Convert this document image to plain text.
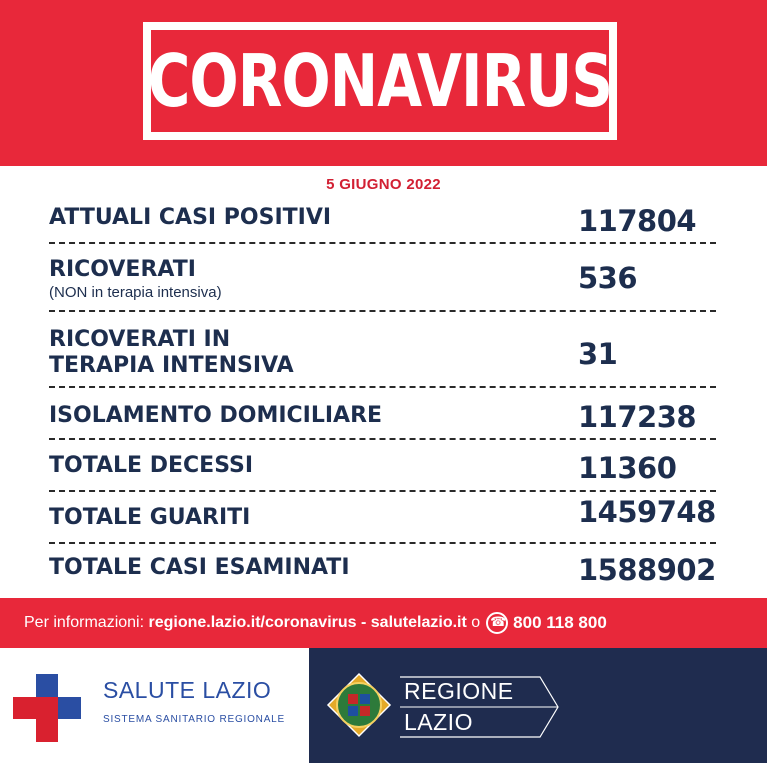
CORONAVIRUS
5 GIUGNO 2022
ATTUALI CASI POSITIVI	117804
RICOVERATI
(NON in terapia intensiva)	536
RICOVERATI IN
TERAPIA INTENSIVA	31
ISOLAMENTO DOMICILIARE	117238
TOTALE DECESSI	11360
TOTALE GUARITI	1459748
TOTALE CASI ESAMINATI	1588902
Per informazioni:
regione.lazio.it/coronavirus
-
salutelazio.it
o ☎ 800 118 800
SALUTE LAZIO
SISTEMA SANITARIO REGIONALE
REGIONE
LAZIO
